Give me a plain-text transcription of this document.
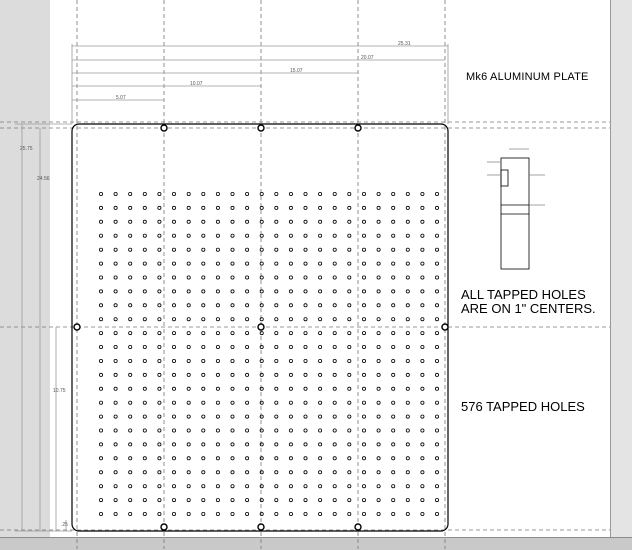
25.31
20.07
15.07
10.07
5.07
25.75
24.56
10.75
.25
Mk6 ALUMINUM PLATE
ALL TAPPED HOLES
ARE ON 1" CENTERS.
576 TAPPED HOLES
